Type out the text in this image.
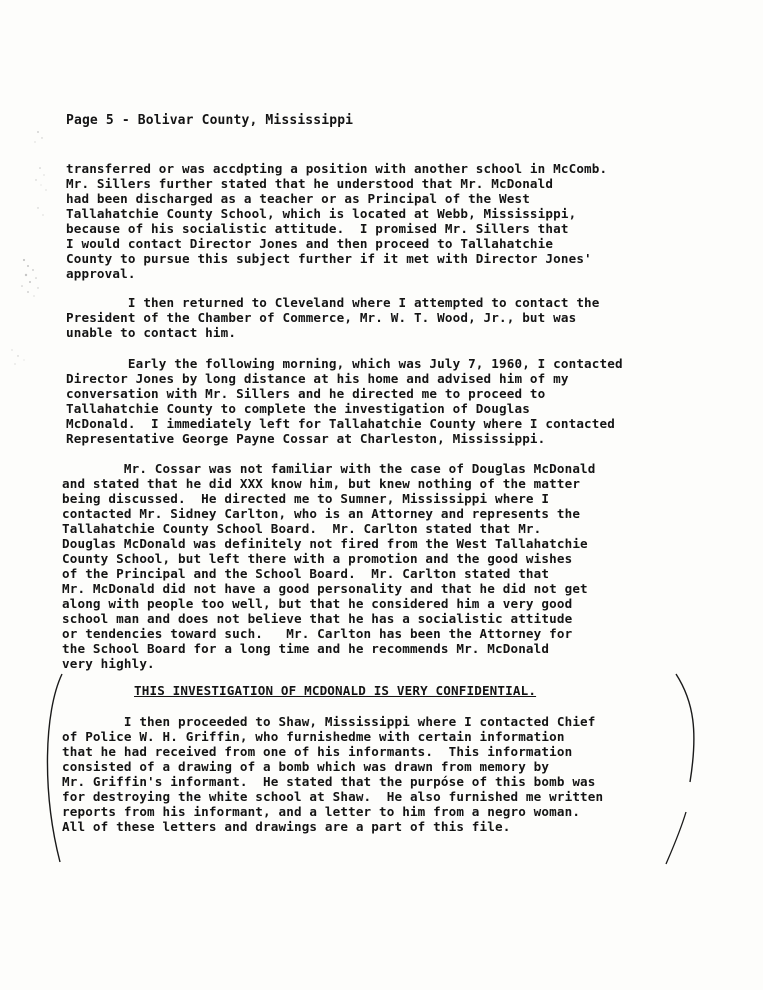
Page 5 - Bolivar County, Mississippi

transferred or was accdpting a position with another school in McComb.
Mr. Sillers further stated that he understood that Mr. McDonald
had been discharged as a teacher or as Principal of the West
Tallahatchie County School, which is located at Webb, Mississippi,
because of his socialistic attitude.  I promised Mr. Sillers that
I would contact Director Jones and then proceed to Tallahatchie
County to pursue this subject further if it met with Director Jones'
approval.

I then returned to Cleveland where I attempted to contact the
President of the Chamber of Commerce, Mr. W. T. Wood, Jr., but was
unable to contact him.

Early the following morning, which was July 7, 1960, I contacted
Director Jones by long distance at his home and advised him of my
conversation with Mr. Sillers and he directed me to proceed to
Tallahatchie County to complete the investigation of Douglas
McDonald.  I immediately left for Tallahatchie County where I contacted
Representative George Payne Cossar at Charleston, Mississippi.

Mr. Cossar was not familiar with the case of Douglas McDonald
and stated that he did XXX know him, but knew nothing of the matter
being discussed.  He directed me to Sumner, Mississippi where I
contacted Mr. Sidney Carlton, who is an Attorney and represents the
Tallahatchie County School Board.  Mr. Carlton stated that Mr.
Douglas McDonald was definitely not fired from the West Tallahatchie
County School, but left there with a promotion and the good wishes
of the Principal and the School Board.  Mr. Carlton stated that
Mr. McDonald did not have a good personality and that he did not get
along with people too well, but that he considered him a very good
school man and does not believe that he has a socialistic attitude
or tendencies toward such.   Mr. Carlton has been the Attorney for
the School Board for a long time and he recommends Mr. McDonald
very highly.

THIS INVESTIGATION OF MCDONALD IS VERY CONFIDENTIAL.

I then proceeded to Shaw, Mississippi where I contacted Chief
of Police W. H. Griffin, who furnishedme with certain information
that he had received from one of his informants.  This information
consisted of a drawing of a bomb which was drawn from memory by
Mr. Griffin's informant.  He stated that the purpóse of this bomb was
for destroying the white school at Shaw.  He also furnished me written
reports from his informant, and a letter to him from a negro woman.
All of these letters and drawings are a part of this file.
